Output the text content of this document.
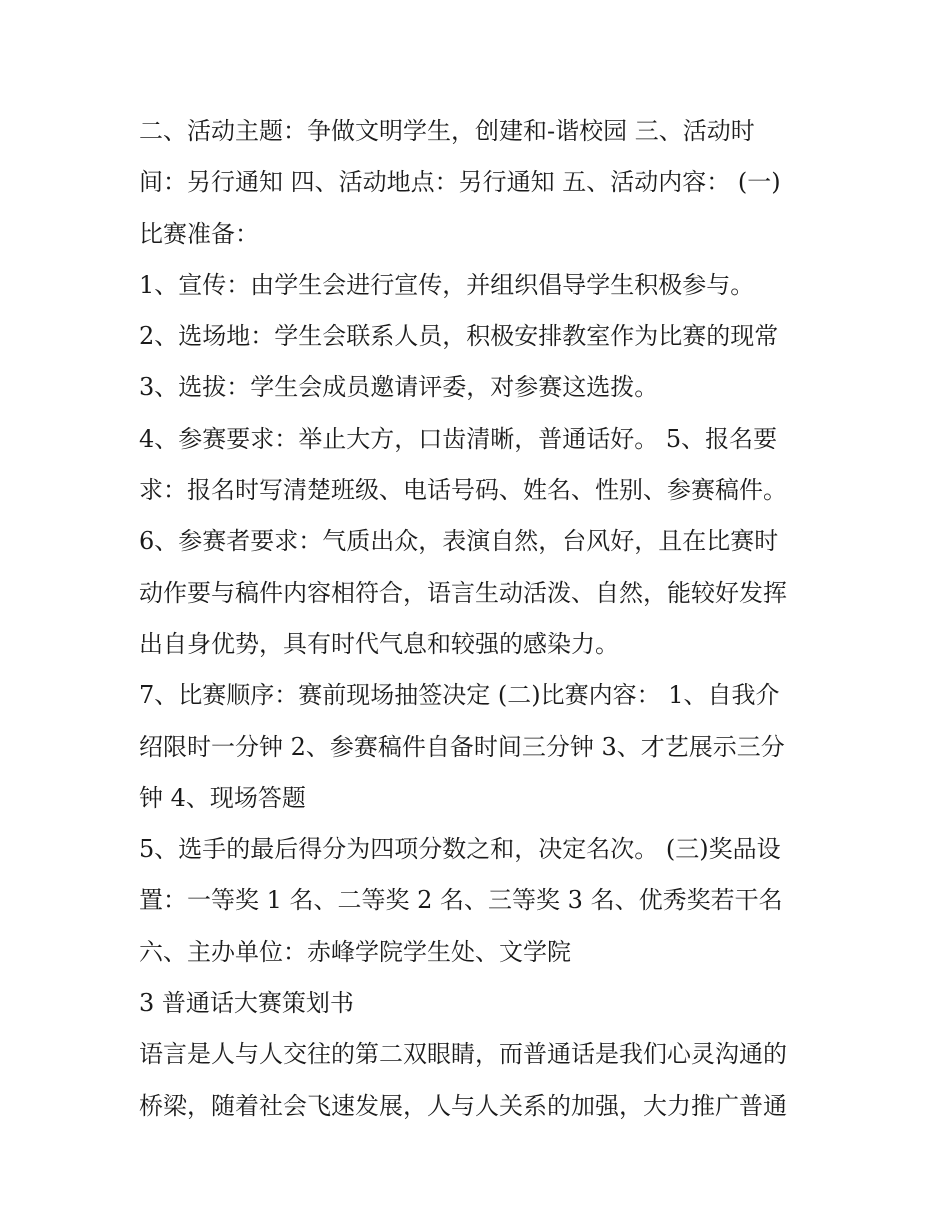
二、活动主题：争做文明学生，创建和-谐校园 三、活动时
间：另行通知 四、活动地点：另行通知 五、活动内容： (一)
比赛准备：
1、宣传：由学生会进行宣传，并组织倡导学生积极参与。
2、选场地：学生会联系人员，积极安排教室作为比赛的现常
3、选拔：学生会成员邀请评委，对参赛这选拨。
4、参赛要求：举止大方，口齿清晰，普通话好。 5、报名要
求：报名时写清楚班级、电话号码、姓名、性别、参赛稿件。
6、参赛者要求：气质出众，表演自然，台风好，且在比赛时
动作要与稿件内容相符合，语言生动活泼、自然，能较好发挥
出自身优势，具有时代气息和较强的感染力。
7、比赛顺序：赛前现场抽签决定 (二)比赛内容： 1、自我介
绍限时一分钟 2、参赛稿件自备时间三分钟 3、才艺展示三分
钟 4、现场答题
5、选手的最后得分为四项分数之和，决定名次。 (三)奖品设
置：一等奖 1 名、二等奖 2 名、三等奖 3 名、优秀奖若干名
六、主办单位：赤峰学院学生处、文学院
3 普通话大赛策划书
语言是人与人交往的第二双眼睛，而普通话是我们心灵沟通的
桥梁，随着社会飞速发展，人与人关系的加强，大力推广普通
